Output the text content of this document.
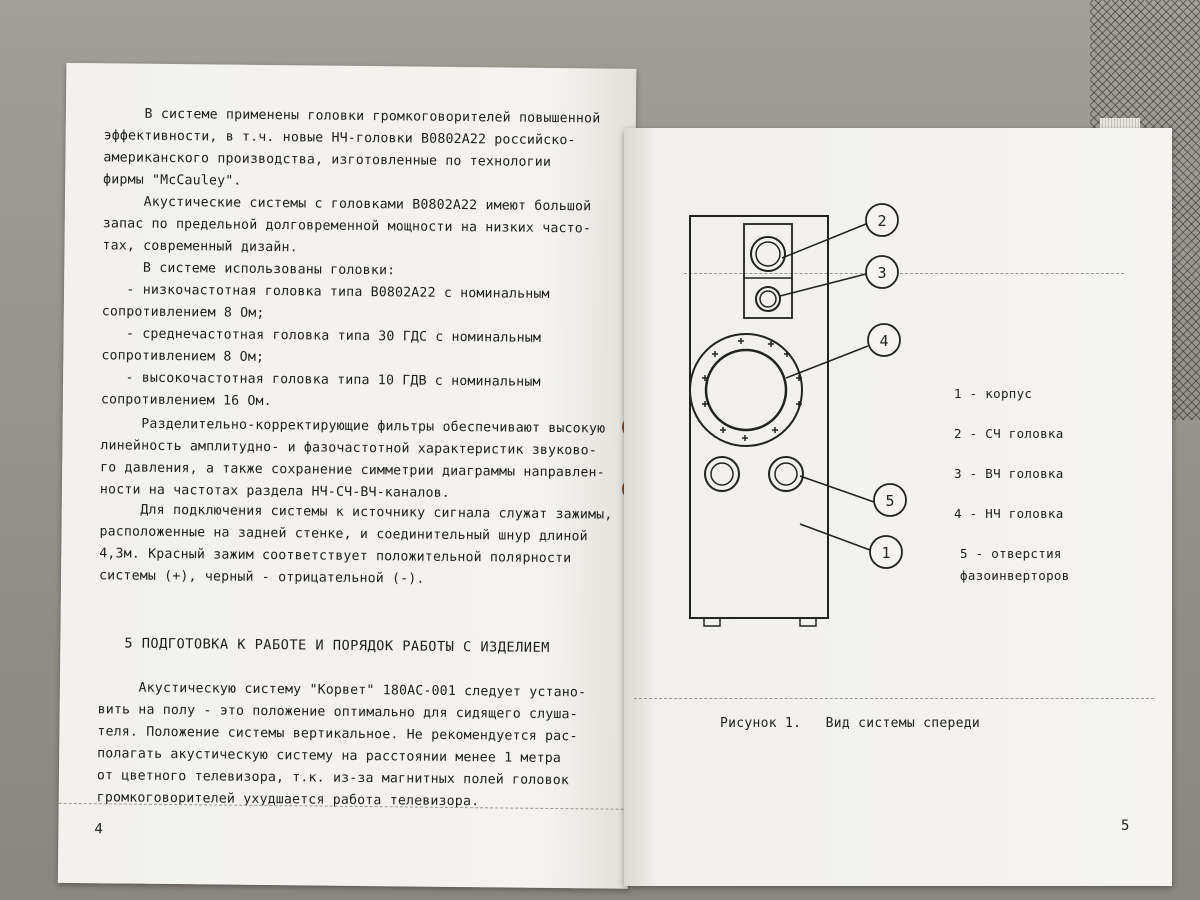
В системе применены головки громкоговорителей повышенной
эффективности, в т.ч. новые НЧ-головки В0802А22 российско-
американского производства, изготовленные по технологии
фирмы "McCauley".
Акустические системы с головками В0802А22 имеют большой
запас по предельной долговременной мощности на низких часто-
тах, современный дизайн.
В системе использованы головки:
- низкочастотная головка типа В0802А22 с номинальным
сопротивлением 8 Ом;
- среднечастотная головка типа 30 ГДС с номинальным
сопротивлением 8 Ом;
- высокочастотная головка типа 10 ГДВ с номинальным
сопротивлением 16 Ом.
Разделительно-корректирующие фильтры обеспечивают высокую
линейность амплитудно- и фазочастотной характеристик звуково-
го давления, а также сохранение симметрии диаграммы направлен-
ности на частотах раздела НЧ-СЧ-ВЧ-каналов.
Для подключения системы к источнику сигнала служат зажимы,
расположенные на задней стенке, и соединительный шнур длиной
4,3м. Красный зажим соответствует положительной полярности
системы (+), черный - отрицательной (-).
5 ПОДГОТОВКА К РАБОТЕ И ПОРЯДОК РАБОТЫ С ИЗДЕЛИЕМ
Акустическую систему "Корвет" 180АС-001 следует устано-
вить на полу - это положение оптимально для сидящего слуша-
теля. Положение системы вертикальное. Не рекомендуется рас-
полагать акустическую систему на расстоянии менее 1 метра
от цветного телевизора, т.к. из-за магнитных полей головок
громкоговорителей ухудшается работа телевизора.
4
2
3
4
5
1
1 - корпус
2 - СЧ головка
3 - ВЧ головка
4 - НЧ головка
5 - отверстия
фазоинверторов
Рисунок 1.   Вид системы спереди
5
